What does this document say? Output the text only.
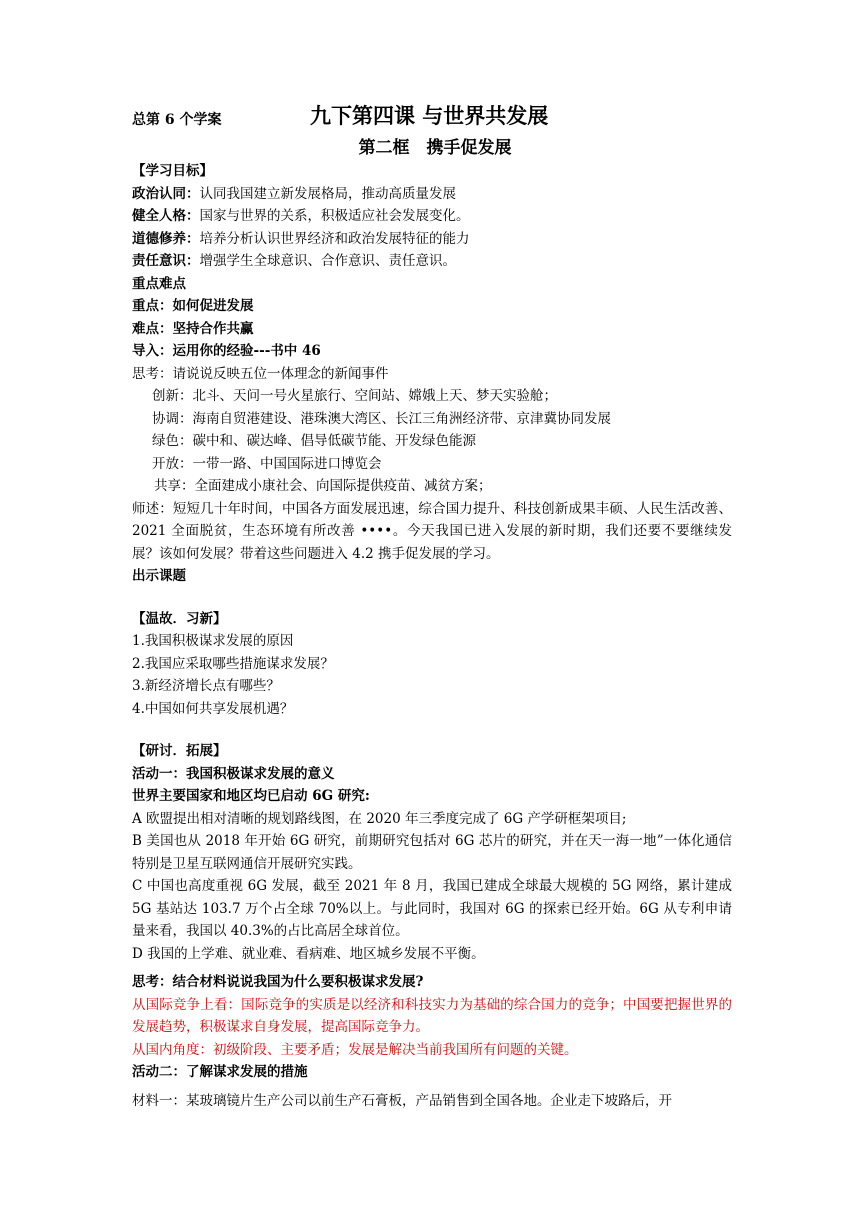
总第 6 个学案	九下第四课 与世界共发展
第二框　携手促发展
【学习目标】
政治认同：认同我国建立新发展格局，推动高质量发展
健全人格：国家与世界的关系，积极适应社会发展变化。
道德修养：培养分析认识世界经济和政治发展特征的能力
责任意识：增强学生全球意识、合作意识、责任意识。
重点难点
重点：如何促进发展
难点：坚持合作共赢
导入：运用你的经验---书中 46
思考：请说说反映五位一体理念的新闻事件
创新：北斗、天问一号火星旅行、空间站、嫦娥上天、梦天实验舱；
协调：海南自贸港建设、港珠澳大湾区、长江三角洲经济带、京津冀协同发展
绿色：碳中和、碳达峰、倡导低碳节能、开发绿色能源
开放：一带一路、中国国际进口博览会
共享：全面建成小康社会、向国际提供疫苗、减贫方案；
师述：短短几十年时间，中国各方面发展迅速，综合国力提升、科技创新成果丰硕、人民生活改善、2021 全面脱贫，生态环境有所改善 ••••。今天我国已进入发展的新时期，我们还要不要继续发展？该如何发展？带着这些问题进入 4.2 携手促发展的学习。
出示课题
【温故．习新】
1.我国积极谋求发展的原因
2.我国应采取哪些措施谋求发展？
3.新经济增长点有哪些？
4.中国如何共享发展机遇？
【研讨．拓展】
活动一：我国积极谋求发展的意义
世界主要国家和地区均已启动 6G 研究:
A 欧盟提出相对清晰的规划路线图，在 2020 年三季度完成了 6G 产学研框架项目;
B 美国也从 2018 年开始 6G 研究，前期研究包括对 6G 芯片的研究，并在天一海一地”一体化通信特别是卫星互联网通信开展研究实践。
C 中国也高度重视 6G 发展，截至 2021 年 8 月，我国已建成全球最大规模的 5G 网络，累计建成 5G 基站达 103.7 万个占全球 70%以上。与此同时，我国对 6G 的探索已经开始。6G 从专利申请量来看，我国以 40.3%的占比高居全球首位。
D 我国的上学难、就业难、看病难、地区城乡发展不平衡。
思考：结合材料说说我国为什么要积极谋求发展?
从国际竞争上看：国际竞争的实质是以经济和科技实力为基础的综合国力的竞争；中国要把握世界的发展趋势，积极谋求自身发展，提高国际竞争力。
从国内角度：初级阶段、主要矛盾；发展是解决当前我国所有问题的关键。
活动二：了解谋求发展的措施
材料一：某玻璃镜片生产公司以前生产石膏板，产品销售到全国各地。企业走下坡路后，开
